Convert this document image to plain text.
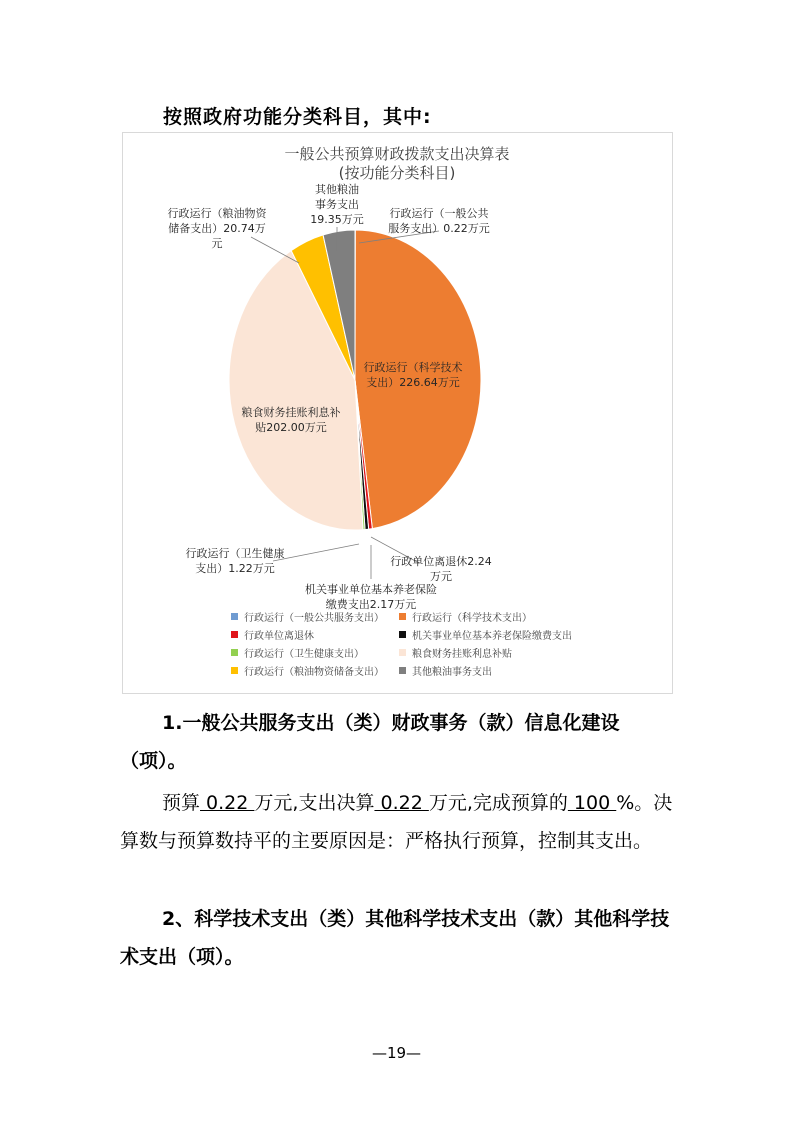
按照政府功能分类科目，其中:
一般公共预算财政拨款支出决算表
(按功能分类科目)
行政运行（一般公共
服务支出）0.22万元
行政运行（科学技术
支出）226.64万元
行政单位离退休2.24
万元
机关事业单位基本养老保险
缴费支出2.17万元
行政运行（卫生健康
支出）1.22万元
粮食财务挂账利息补
贴202.00万元
行政运行（粮油物资
储备支出）20.74万
元
其他粮油
事务支出
19.35万元
行政运行（一般公共服务支出）	行政运行（科学技术支出）
行政单位离退休	机关事业单位基本养老保险缴费支出
行政运行（卫生健康支出）	粮食财务挂账利息补贴
行政运行（粮油物资储备支出）	其他粮油事务支出
1.一般公共服务支出（类）财政事务（款）信息化建设（项）。
预算 0.22 万元,支出决算 0.22 万元,完成预算的 100 %。决算数与预算数持平的主要原因是：严格执行预算，控制其支出。
2、科学技术支出（类）其他科学技术支出（款）其他科学技术支出（项）。
—19—
